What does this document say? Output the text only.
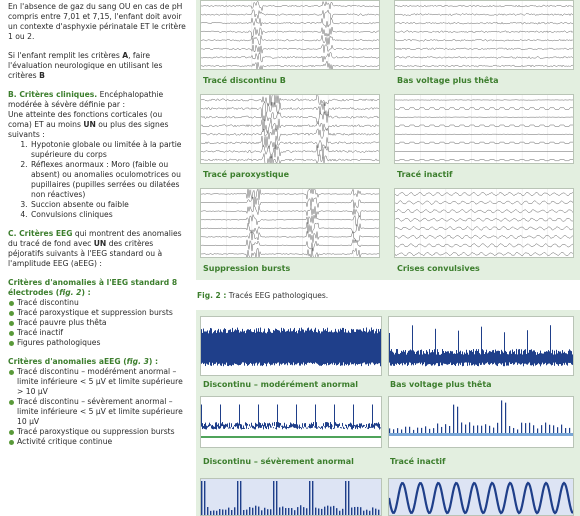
En l'absence de gaz du sang OU en cas de pH compris entre 7,01 et 7,15, l'enfant doit avoir un contexte d'asphyxie périnatale ET le critère 1 ou 2.

Si l'enfant remplit les critères A, faire l'évaluation neurologique en utilisant les critères B

B. Critères cliniques. Encéphalopathie modérée à sévère définie par :

Une atteinte des fonctions corticales (ou coma) ET au moins UN ou plus des signes suivants :

1. Hypotonie globale ou limitée à la partie supérieure du corps
2. Réflexes anormaux : Moro (faible ou absent) ou anomalies oculomotrices ou pupillaires (pupilles serrées ou dilatées non réactives)
3. Succion absente ou faible
4. Convulsions cliniques

C. Critères EEG qui montrent des anomalies du tracé de fond avec UN des critères péjoratifs suivants à l'EEG standard ou à l'amplitude EEG (aEEG) :

Critères d'anomalies à l'EEG standard 8 électrodes (fig. 2) :

Tracé discontinu
Tracé paroxystique et suppression bursts
Tracé pauvre plus thêta
Tracé inactif
Figures pathologiques

Critères d'anomalies aEEG (fig. 3) :

Tracé discontinu – modérément anormal – limite inférieure < 5 µV et limite supérieure > 10 µV
Tracé discontinu – sévèrement anormal – limite inférieure < 5 µV et limite supérieure 10 µV
Tracé paroxystique ou suppression bursts
Activité critique continue
Tracé discontinu B	Bas voltage plus thêta
Tracé paroxystique	Tracé inactif
Suppression bursts	Crises convulsives
Fig. 2 : Tracés EEG pathologiques.
Discontinu – modérément anormal	Bas voltage plus thêta
Discontinu – sévèrement anormal	Tracé inactif
